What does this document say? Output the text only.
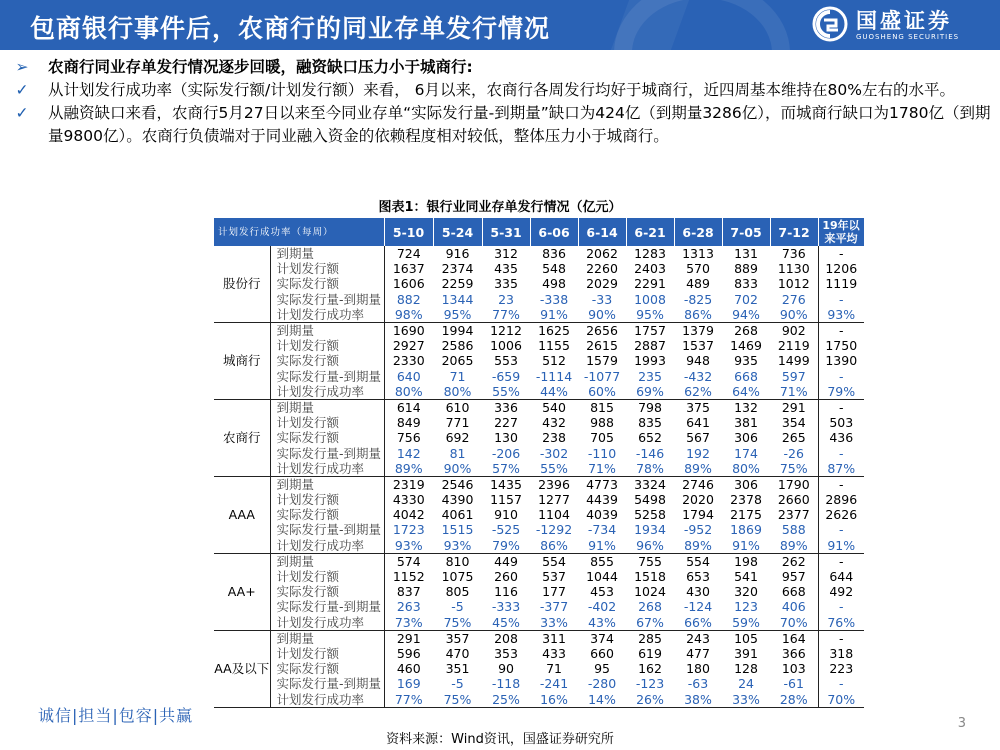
包商银行事件后，农商行的同业存单发行情况	国盛证券
GUOSHENG SECURITIES
➢ 农商行同业存单发行情况逐步回暖，融资缺口压力小于城商行:
✓ 从计划发行成功率（实际发行额/计划发行额）来看， 6月以来，农商行各周发行均好于城商行，近四周基本维持在80%左右的水平。
✓ 从融资缺口来看，农商行5月27日以来至今同业存单“实际发行量-到期量”缺口为424亿（到期量3286亿），而城商行缺口为1780亿（到期量9800亿）。农商行负债端对于同业融入资金的依赖程度相对较低，整体压力小于城商行。
图表1：银行业同业存单发行情况（亿元）
计划发行成功率（每周）		5-10	5-24	5-31	6-06	6-14	6-21	6-28	7-05	7-12	19年以来平均
股份行	到期量	724	916	312	836	2062	1283	1313	131	736	-
	计划发行额	1637	2374	435	548	2260	2403	570	889	1130	1206
	实际发行额	1606	2259	335	498	2029	2291	489	833	1012	1119
	实际发行量-到期量	882	1344	23	-338	-33	1008	-825	702	276	-
	计划发行成功率	98%	95%	77%	91%	90%	95%	86%	94%	90%	93%
城商行	到期量	1690	1994	1212	1625	2656	1757	1379	268	902	-
	计划发行额	2927	2586	1006	1155	2615	2887	1537	1469	2119	1750
	实际发行额	2330	2065	553	512	1579	1993	948	935	1499	1390
	实际发行量-到期量	640	71	-659	-1114	-1077	235	-432	668	597	-
	计划发行成功率	80%	80%	55%	44%	60%	69%	62%	64%	71%	79%
农商行	到期量	614	610	336	540	815	798	375	132	291	-
	计划发行额	849	771	227	432	988	835	641	381	354	503
	实际发行额	756	692	130	238	705	652	567	306	265	436
	实际发行量-到期量	142	81	-206	-302	-110	-146	192	174	-26	-
	计划发行成功率	89%	90%	57%	55%	71%	78%	89%	80%	75%	87%
AAA	到期量	2319	2546	1435	2396	4773	3324	2746	306	1790	-
	计划发行额	4330	4390	1157	1277	4439	5498	2020	2378	2660	2896
	实际发行额	4042	4061	910	1104	4039	5258	1794	2175	2377	2626
	实际发行量-到期量	1723	1515	-525	-1292	-734	1934	-952	1869	588	-
	计划发行成功率	93%	93%	79%	86%	91%	96%	89%	91%	89%	91%
AA+	到期量	574	810	449	554	855	755	554	198	262	-
	计划发行额	1152	1075	260	537	1044	1518	653	541	957	644
	实际发行额	837	805	116	177	453	1024	430	320	668	492
	实际发行量-到期量	263	-5	-333	-377	-402	268	-124	123	406	-
	计划发行成功率	73%	75%	45%	33%	43%	67%	66%	59%	70%	76%
AA及以下	到期量	291	357	208	311	374	285	243	105	164	-
	计划发行额	596	470	353	433	660	619	477	391	366	318
	实际发行额	460	351	90	71	95	162	180	128	103	223
	实际发行量-到期量	169	-5	-118	-241	-280	-123	-63	24	-61	-
	计划发行成功率	77%	75%	25%	16%	14%	26%	38%	33%	28%	70%
诚信|担当|包容|共赢
资料来源：Wind资讯，国盛证券研究所
3
